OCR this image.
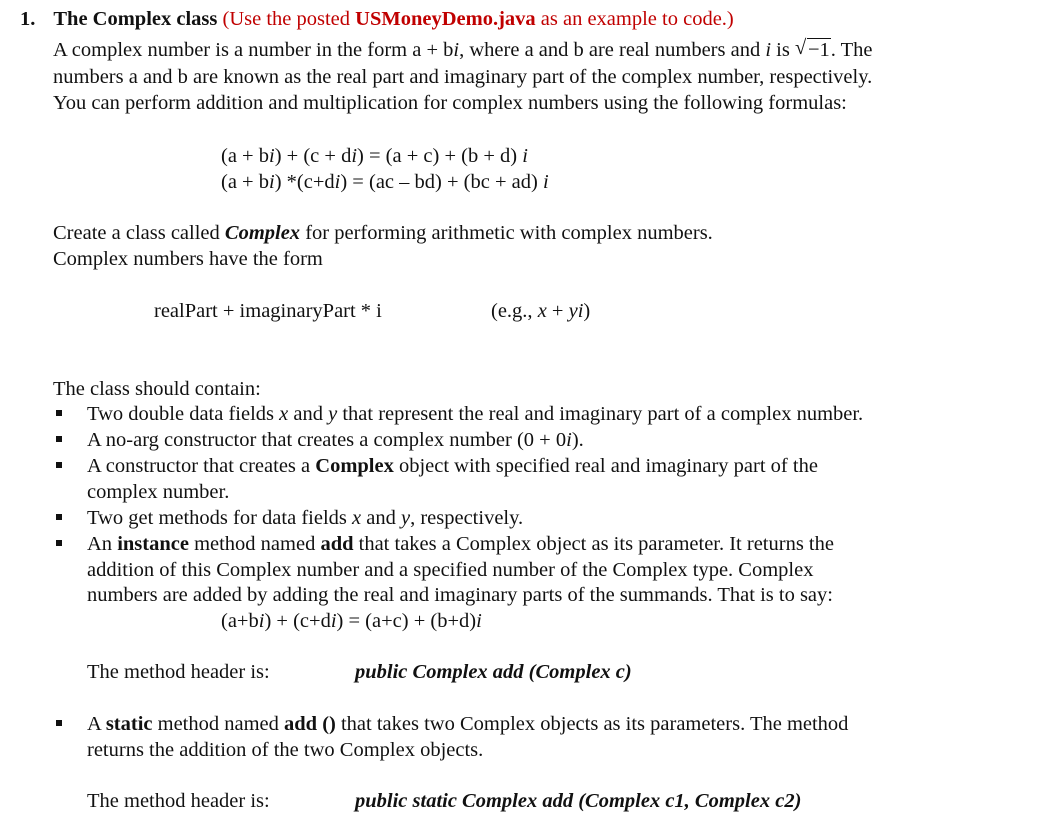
1. The Complex class (Use the posted USMoneyDemo.java as an example to code.)
A complex number is a number in the form a + bi, where a and b are real numbers and i is √ −1. The
numbers a and b are known as the real part and imaginary part of the complex number, respectively.
You can perform addition and multiplication for complex numbers using the following formulas:
(a + bi) + (c + di) = (a + c) + (b + d) i
(a + bi) *(c+di) = (ac – bd) + (bc + ad) i
Create a class called Complex for performing arithmetic with complex numbers.
Complex numbers have the form
realPart + imaginaryPart * i	(e.g., x + yi)
The class should contain:
Two double data fields x and y that represent the real and imaginary part of a complex number.
A no-arg constructor that creates a complex number (0 + 0i).
A constructor that creates a Complex object with specified real and imaginary part of the
complex number.
Two get methods for data fields x and y, respectively.
An instance method named add that takes a Complex object as its parameter. It returns the
addition of this Complex number and a specified number of the Complex type. Complex
numbers are added by adding the real and imaginary parts of the summands. That is to say:
(a+bi) + (c+di) = (a+c) + (b+d)i
The method header is:	public Complex add (Complex c)
A static method named add () that takes two Complex objects as its parameters. The method
returns the addition of the two Complex objects.
The method header is:	public static Complex add (Complex c1, Complex c2)
